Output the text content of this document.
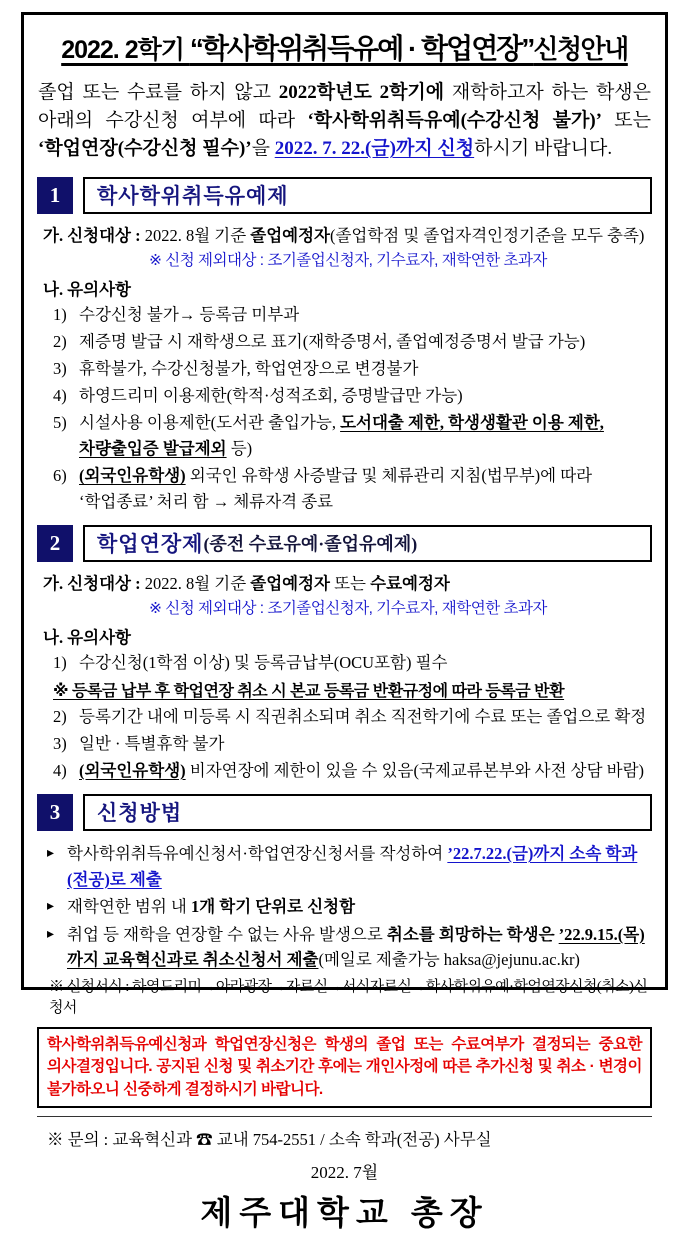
2022. 2학기 “학사학위취득유예 · 학업연장”신청안내

졸업 또는 수료를 하지 않고 2022학년도 2학기에 재학하고자 하는 학생은 아래의 수강신청 여부에 따라 ‘학사학위취득유예(수강신청 불가)’ 또는 ‘학업연장(수강신청 필수)’을 2022. 7. 22.(금)까지 신청하시기 바랍니다.

1	학사학위취득유예제

가. 신청대상 : 2022. 8월 기준 졸업예정자(졸업학점 및 졸업자격인정기준을 모두 충족)

※ 신청 제외대상 : 조기졸업신청자, 기수료자, 재학연한 초과자

나. 유의사항

1) 수강신청 불가→ 등록금 미부과
2) 제증명 발급 시 재학생으로 표기(재학증명서, 졸업예정증명서 발급 가능)
3) 휴학불가, 수강신청불가, 학업연장으로 변경불가
4) 하영드리미 이용제한(학적·성적조회, 증명발급만 가능)
5) 시설사용 이용제한(도서관 출입가능, 도서대출 제한, 학생생활관 이용 제한, 차량출입증 발급제외 등)
6) (외국인유학생) 외국인 유학생 사증발급 및 체류관리 지침(법무부)에 따라 ‘학업종료’ 처리 함 → 체류자격 종료
2	학업연장제 (종전 수료유예·졸업유예제)

가. 신청대상 : 2022. 8월 기준 졸업예정자 또는 수료예정자

※ 신청 제외대상 : 조기졸업신청자, 기수료자, 재학연한 초과자

나. 유의사항

1) 수강신청(1학점 이상) 및 등록금납부(OCU포함) 필수

※ 등록금 납부 후 학업연장 취소 시 본교 등록금 반환규정에 따라 등록금 반환

2) 등록기간 내에 미등록 시 직권취소되며 취소 직전학기에 수료 또는 졸업으로 확정
3) 일반 · 특별휴학 불가
4) (외국인유학생) 비자연장에 제한이 있을 수 있음(국제교류본부와 사전 상담 바람)
3	신청방법
▸ 학사학위취득유예신청서·학업연장신청서를 작성하여 ’22.7.22.(금)까지 소속 학과(전공)로 제출
▸ 재학연한 범위 내 1개 학기 단위로 신청함
▸ 취업 등 재학을 연장할 수 없는 사유 발생으로 취소를 희망하는 학생은 ’22.9.15.(목)까지 교육혁신과로 취소신청서 제출(메일로 제출가능 haksa@jejunu.ac.kr)

※ 신청서식 : 하영드리미→아라광장→자료실→서식자료실→학사학위유예·학업연장신청(취소)신청서

학사학위취득유예신청과 학업연장신청은 학생의 졸업 또는 수료여부가 결정되는 중요한 의사결정입니다. 공지된 신청 및 취소기간 후에는 개인사정에 따른 추가신청 및 취소 · 변경이 불가하오니 신중하게 결정하시기 바랍니다.

※ 문의 : 교육혁신과 ☎ 교내 754-2551 / 소속 학과(전공) 사무실

2022. 7월

제주대학교 총장
